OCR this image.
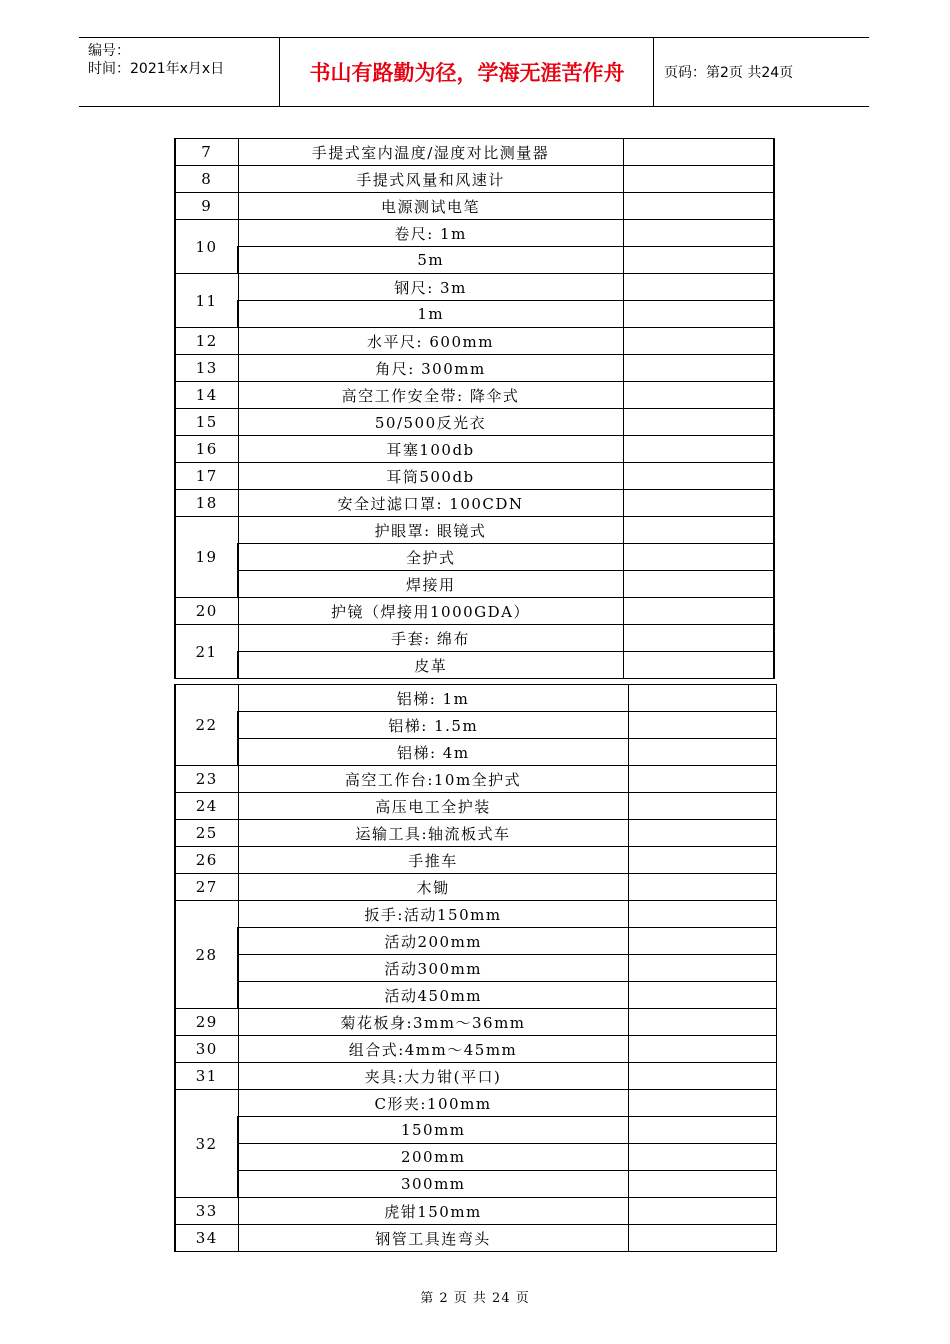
编号：
时间：2021年x月x日	书山有路勤为径，学海无涯苦作舟	页码：第2页 共24页
7	手提式室内温度/湿度对比测量器	
8	手提式风量和风速计	
9	电源测试电笔	
10	卷尺: 1m	
	5m	
11	钢尺: 3m	
	1m	
12	水平尺: 600mm	
13	角尺: 300mm	
14	高空工作安全带: 降伞式	
15	50/500反光衣	
16	耳塞100db	
17	耳筒500db	
18	安全过滤口罩: 100CDN	
19	护眼罩: 眼镜式	
	全护式	
	焊接用	
20	护镜（焊接用1000GDA）	
21	手套: 绵布	
	皮革	
22	铝梯: 1m	
	铝梯: 1.5m	
	铝梯: 4m	
23	高空工作台:10m全护式	
24	高压电工全护装	
25	运输工具:轴流板式车	
26	手推车	
27	木锄	
28	扳手:活动150mm	
	活动200mm	
	活动300mm	
	活动450mm	
29	菊花板身:3mm～36mm	
30	组合式:4mm～45mm	
31	夹具:大力钳(平口)	
32	C形夹:100mm	
	150mm	
	200mm	
	300mm	
33	虎钳150mm	
34	钢管工具连弯头	
第 2 页 共 24 页
